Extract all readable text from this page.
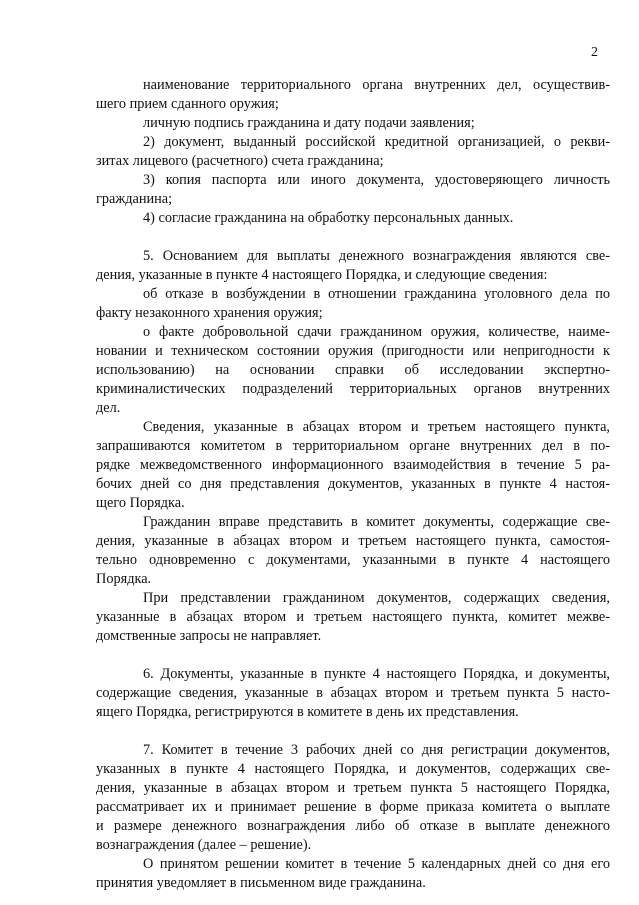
2
наименование территориального органа внутренних дел, осуществив-
шего прием сданного оружия;
личную подпись гражданина и дату подачи заявления;
2) документ, выданный российской кредитной организацией, о рекви-
зитах лицевого (расчетного) счета гражданина;
3) копия паспорта или иного документа, удостоверяющего личность
гражданина;
4) согласие гражданина на обработку персональных данных.
5. Основанием для выплаты денежного вознаграждения являются све-
дения, указанные в пункте 4 настоящего Порядка, и следующие сведения:
об отказе в возбуждении в отношении гражданина уголовного дела по
факту незаконного хранения оружия;
о факте добровольной сдачи гражданином оружия, количестве, наиме-
новании и техническом состоянии оружия (пригодности или непригодности к
использованию) на основании справки об исследовании экспертно-
криминалистических подразделений территориальных органов внутренних
дел.
Сведения, указанные в абзацах втором и третьем настоящего пункта,
запрашиваются комитетом в территориальном органе внутренних дел в по-
рядке межведомственного информационного взаимодействия в течение 5 ра-
бочих дней со дня представления документов, указанных в пункте 4 настоя-
щего Порядка.
Гражданин вправе представить в комитет документы, содержащие све-
дения, указанные в абзацах втором и третьем настоящего пункта, самостоя-
тельно одновременно с документами, указанными в пункте 4 настоящего
Порядка.
При представлении гражданином документов, содержащих сведения,
указанные в абзацах втором и третьем настоящего пункта, комитет межве-
домственные запросы не направляет.
6. Документы, указанные в пункте 4 настоящего Порядка, и документы,
содержащие сведения, указанные в абзацах втором и третьем пункта 5 насто-
ящего Порядка, регистрируются в комитете в день их представления.
7. Комитет в течение 3 рабочих дней со дня регистрации документов,
указанных в пункте 4 настоящего Порядка, и документов, содержащих све-
дения, указанные в абзацах втором и третьем пункта 5 настоящего Порядка,
рассматривает их и принимает решение в форме приказа комитета о выплате
и размере денежного вознаграждения либо об отказе в выплате денежного
вознаграждения (далее – решение).
О принятом решении комитет в течение 5 календарных дней со дня его
принятия уведомляет в письменном виде гражданина.
